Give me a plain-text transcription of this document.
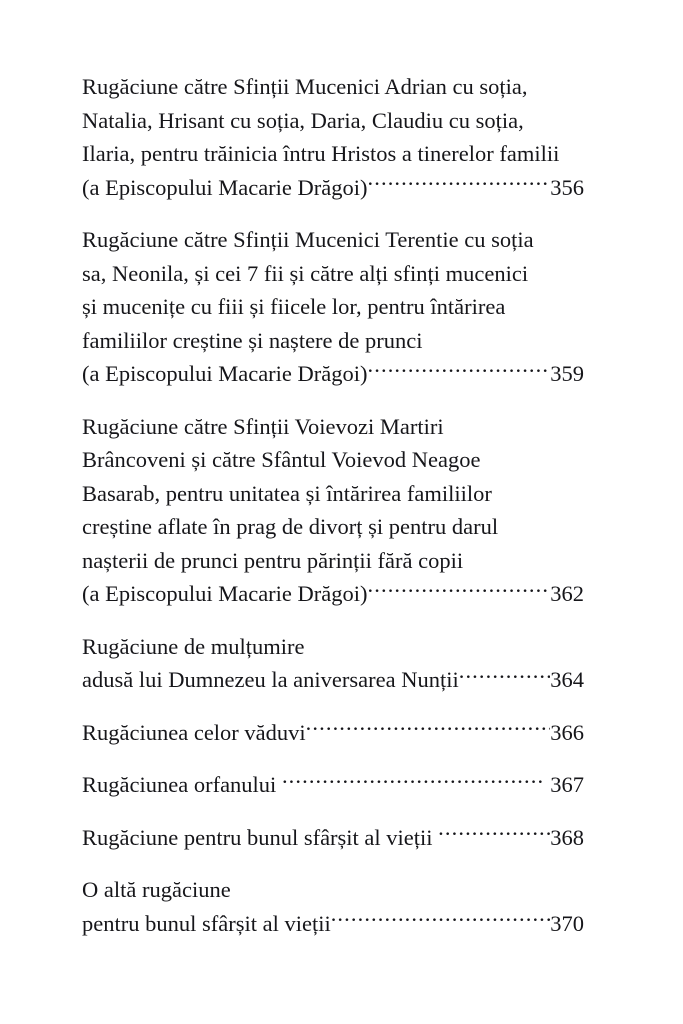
Rugăciune către Sfinții Mucenici Adrian cu soția,
Natalia, Hrisant cu soția, Daria, Claudiu cu soția,
Ilaria, pentru trăinicia întru Hristos a tinerelor familii
(a Episcopului Macarie Drăgoi) .....	356
Rugăciune către Sfinții Mucenici Terentie cu soția
sa, Neonila, și cei 7 fii și către alți sfinți mucenici
și mucenițe cu fiii și fiicele lor, pentru întărirea
familiilor creștine și naștere de prunci
(a Episcopului Macarie Drăgoi) .....	359
Rugăciune către Sfinții Voievozi Martiri
Brâncoveni și către Sfântul Voievod Neagoe
Basarab, pentru unitatea și întărirea familiilor
creștine aflate în prag de divorț și pentru darul
nașterii de prunci pentru părinții fără copii
(a Episcopului Macarie Drăgoi) .....	362
Rugăciune de mulțumire
adusă lui Dumnezeu la aniversarea Nunții .....	364
Rugăciunea celor văduvi .....	366
Rugăciunea orfanului .....	367
Rugăciune pentru bunul sfârșit al vieții .....	368
O altă rugăciune
pentru bunul sfârșit al vieții .....	370
